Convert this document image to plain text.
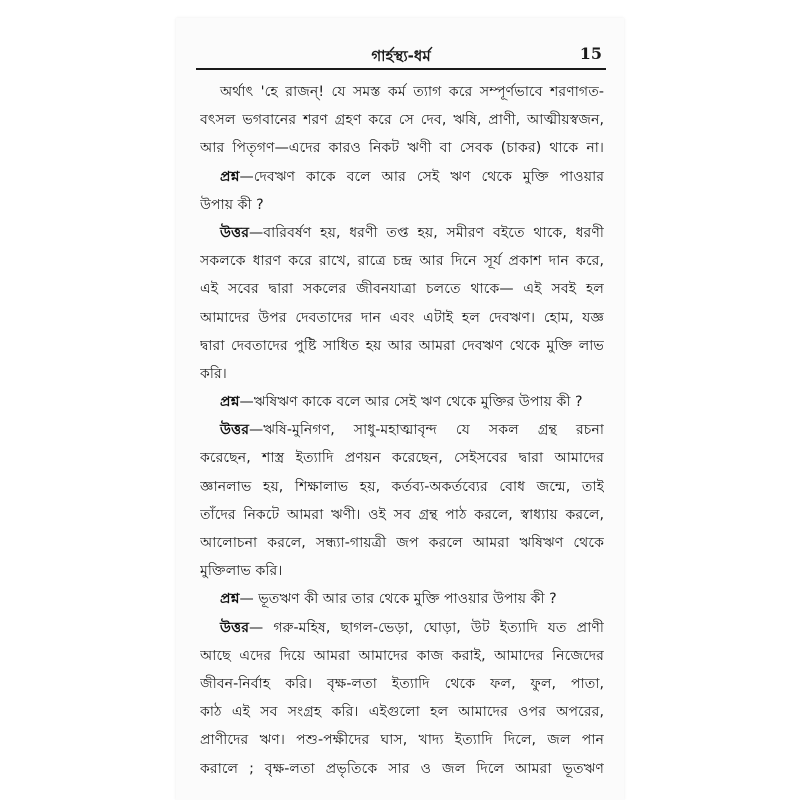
গার্হস্থ্য-ধর্ম	15
অর্থাৎ 'হে রাজন্! যে সমস্ত কর্ম ত্যাগ করে সম্পূর্ণভাবে শরণাগত-
বৎসল ভগবানের শরণ গ্রহণ করে সে দেব, ঋষি, প্রাণী, আত্মীয়স্বজন,
আর পিতৃগণ—এদের কারও নিকট ঋণী বা সেবক (চাকর) থাকে না।
প্রশ্ন—দেবঋণ কাকে বলে আর সেই ঋণ থেকে মুক্তি পাওয়ার
উপায় কী ?
উত্তর—বারিবর্ষণ হয়, ধরণী তপ্ত হয়, সমীরণ বইতে থাকে, ধরণী
সকলকে ধারণ করে রাখে, রাত্রে চন্দ্র আর দিনে সূর্য প্রকাশ দান করে,
এই সবের দ্বারা সকলের জীবনযাত্রা চলতে থাকে— এই সবই হল
আমাদের উপর দেবতাদের দান এবং এটাই হল দেবঋণ। হোম, যজ্ঞ
দ্বারা দেবতাদের পুষ্টি সাধিত হয় আর আমরা দেবঋণ থেকে মুক্তি লাভ
করি।
প্রশ্ন—ঋষিঋণ কাকে বলে আর সেই ঋণ থেকে মুক্তির উপায় কী ?
উত্তর—ঋষি-মুনিগণ, সাধু-মহাত্মাবৃন্দ যে সকল গ্রন্থ রচনা
করেছেন, শাস্ত্র ইত্যাদি প্রণয়ন করেছেন, সেইসবের দ্বারা আমাদের
জ্ঞানলাভ হয়, শিক্ষালাভ হয়, কর্তব্য-অকর্তব্যের বোধ জন্মে, তাই
তাঁদের নিকটে আমরা ঋণী। ওই সব গ্রন্থ পাঠ করলে, স্বাধ্যায় করলে,
আলোচনা করলে, সন্ধ্যা-গায়ত্রী জপ করলে আমরা ঋষিঋণ থেকে
মুক্তিলাভ করি।
প্রশ্ন— ভূতঋণ কী আর তার থেকে মুক্তি পাওয়ার উপায় কী ?
উত্তর— গরু-মহিষ, ছাগল-ভেড়া, ঘোড়া, উট ইত্যাদি যত প্রাণী
আছে এদের দিয়ে আমরা আমাদের কাজ করাই, আমাদের নিজেদের
জীবন-নির্বাহ করি। বৃক্ষ-লতা ইত্যাদি থেকে ফল, ফুল, পাতা,
কাঠ এই সব সংগ্রহ করি। এইগুলো হল আমাদের ওপর অপরের,
প্রাণীদের ঋণ। পশু-পক্ষীদের ঘাস, খাদ্য ইত্যাদি দিলে, জল পান
করালে ; বৃক্ষ-লতা প্রভৃতিকে সার ও জল দিলে আমরা ভূতঋণ
